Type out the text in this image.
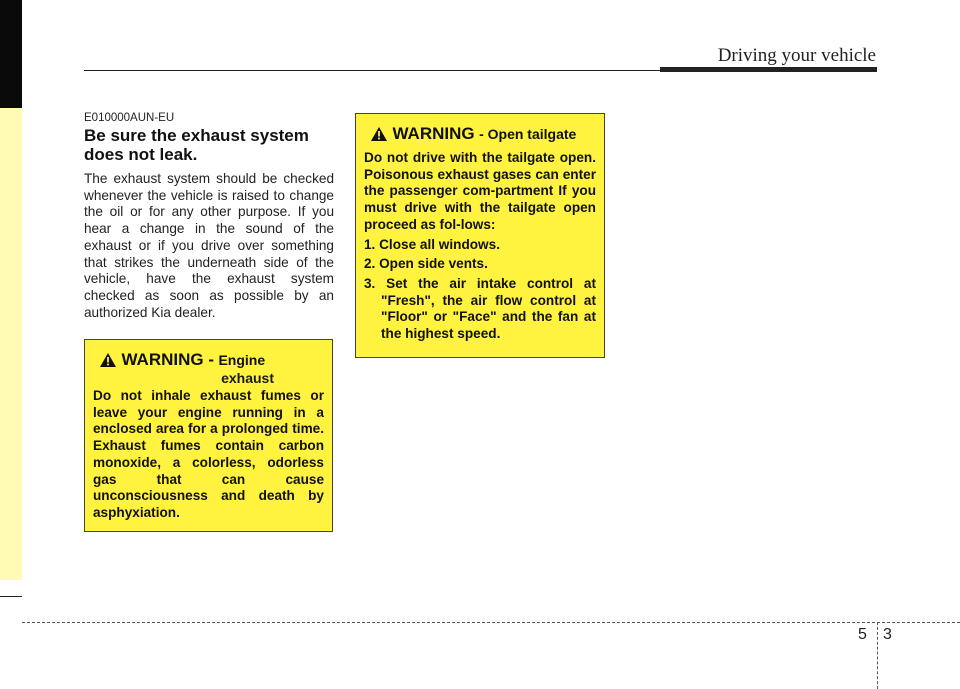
Driving your vehicle
E010000AUN-EU
Be sure the exhaust system does not leak.
The exhaust system should be checked whenever the vehicle is raised to change the oil or for any other purpose. If you hear a change in the sound of the exhaust or if you drive over something that strikes the underneath side of the vehicle, have the exhaust system checked as soon as possible by an authorized Kia dealer.
WARNING - Engine
exhaust
Do not inhale exhaust fumes or leave your engine running in a enclosed area for a prolonged time. Exhaust fumes contain carbon monoxide, a colorless, odorless gas that can cause unconsciousness and death by asphyxiation.
WARNING - Open tailgate
Do not drive with the tailgate open. Poisonous exhaust gases can enter the passenger com-partment If you must drive with the tailgate open proceed as fol-lows:
1. Close all windows.
2. Open side vents.
3. Set the air intake control at "Fresh", the air flow control at "Floor" or "Face" and the fan at the highest speed.
5 3
